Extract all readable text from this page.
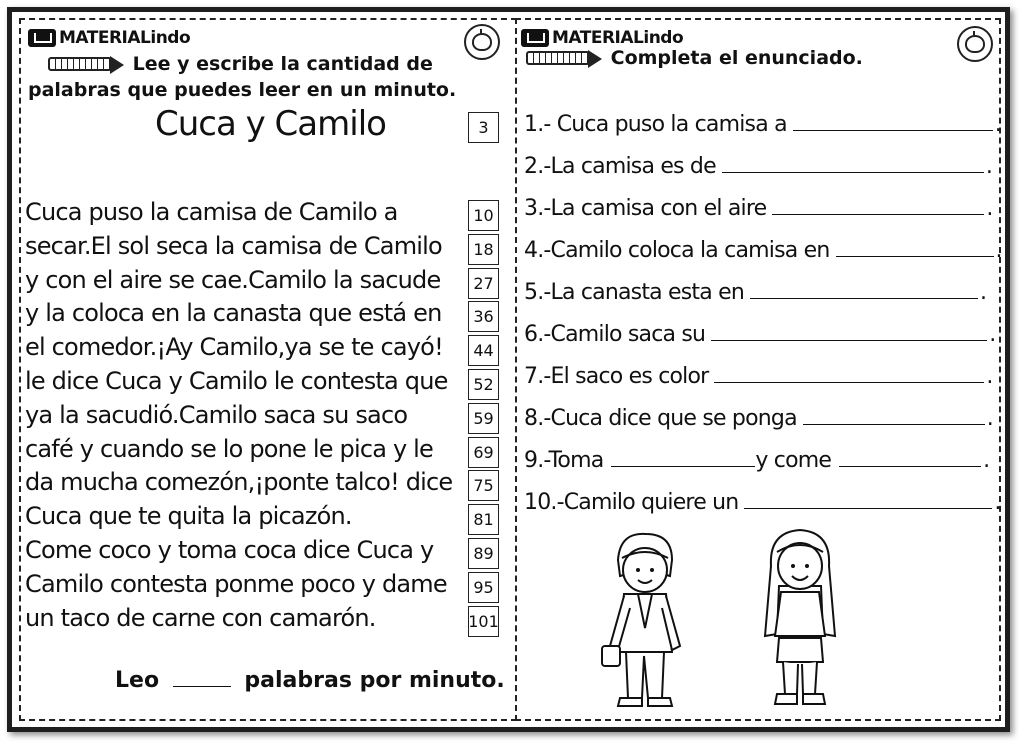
MATERIALindo
Lee y escribe la cantidad de
palabras que puedes leer en un minuto.
Cuca y Camilo	3
Cuca puso la camisa de Camilo a	10
secar.El sol seca la camisa de Camilo	18
y con el aire se cae.Camilo la sacude	27
y la coloca en la canasta que está en	36
el comedor.¡Ay Camilo,ya se te cayó!	44
le dice Cuca y Camilo le contesta que	52
ya la sacudió.Camilo saca su saco	59
café y cuando se lo pone le pica y le	69
da mucha comezón,¡ponte talco! dice	75
Cuca que te quita la picazón.	81
Come coco y toma coca dice Cuca y	89
Camilo contesta ponme poco y dame	95
un taco de carne con camarón.	101
Leo	palabras por minuto.
MATERIALindo
Completa el enunciado.
1.- Cuca puso la camisa a	.
2.-La camisa es de	.
3.-La camisa con el aire	.
4.-Camilo coloca la camisa en	.
5.-La canasta esta en	.
6.-Camilo saca su	.
7.-El saco es color	.
8.-Cuca dice que se ponga	.
9.-Toma	y come	.
10.-Camilo quiere un	.
